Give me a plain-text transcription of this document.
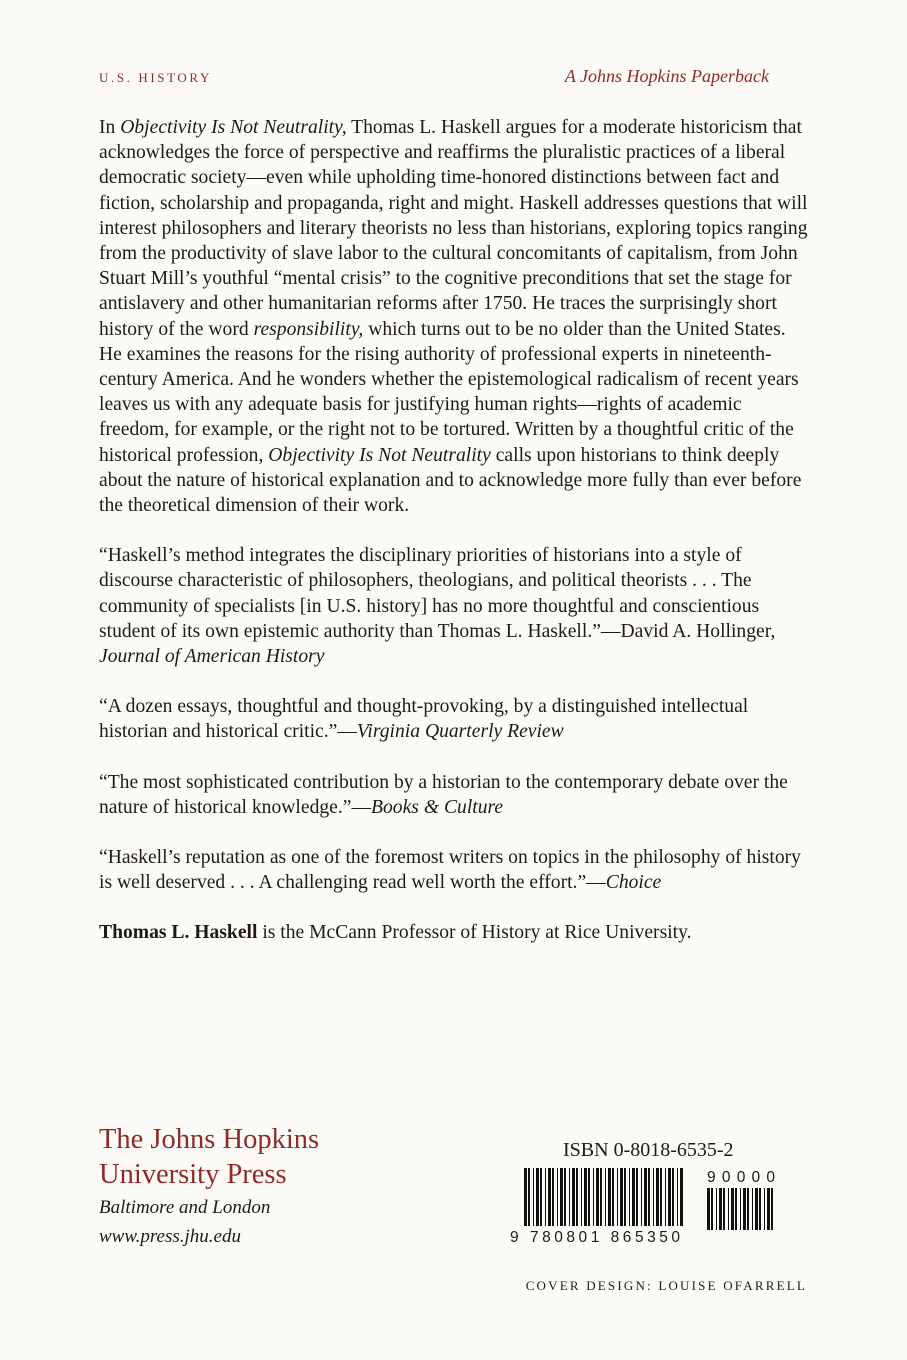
U.S. HISTORY	A Johns Hopkins Paperback

In Objectivity Is Not Neutrality, Thomas L. Haskell argues for a moderate historicism that acknowledges the force of perspective and reaffirms the pluralistic practices of a liberal democratic society—even while upholding time-honored distinctions between fact and fiction, scholarship and propaganda, right and might. Haskell addresses questions that will interest philosophers and literary theorists no less than historians, exploring topics ranging from the productivity of slave labor to the cultural concomitants of capitalism, from John Stuart Mill’s youthful “mental crisis” to the cognitive preconditions that set the stage for antislavery and other humanitarian reforms after 1750. He traces the surprisingly short history of the word responsibility, which turns out to be no older than the United States. He examines the reasons for the rising authority of professional experts in nineteenth-century America. And he wonders whether the epistemological radicalism of recent years leaves us with any adequate basis for justifying human rights—rights of academic freedom, for example, or the right not to be tortured. Written by a thoughtful critic of the historical profession, Objectivity Is Not Neutrality calls upon historians to think deeply about the nature of historical explanation and to acknowledge more fully than ever before the theoretical dimension of their work.

“Haskell’s method integrates the disciplinary priorities of historians into a style of discourse characteristic of philosophers, theologians, and political theorists . . . The community of specialists [in U.S. history] has no more thoughtful and conscientious student of its own epistemic authority than Thomas L. Haskell.”—David A. Hollinger, Journal of American History

“A dozen essays, thoughtful and thought-provoking, by a distinguished intellectual historian and historical critic.”—Virginia Quarterly Review

“The most sophisticated contribution by a historian to the contemporary debate over the nature of historical knowledge.”—Books & Culture

“Haskell’s reputation as one of the foremost writers on topics in the philosophy of history is well deserved . . . A challenging read well worth the effort.”—Choice

Thomas L. Haskell is the McCann Professor of History at Rice University.

The Johns Hopkins
University Press
Baltimore and London
www.press.jhu.edu
ISBN 0-8018-6535-2
9 780801 865350
90000
COVER DESIGN: LOUISE OFARRELL
